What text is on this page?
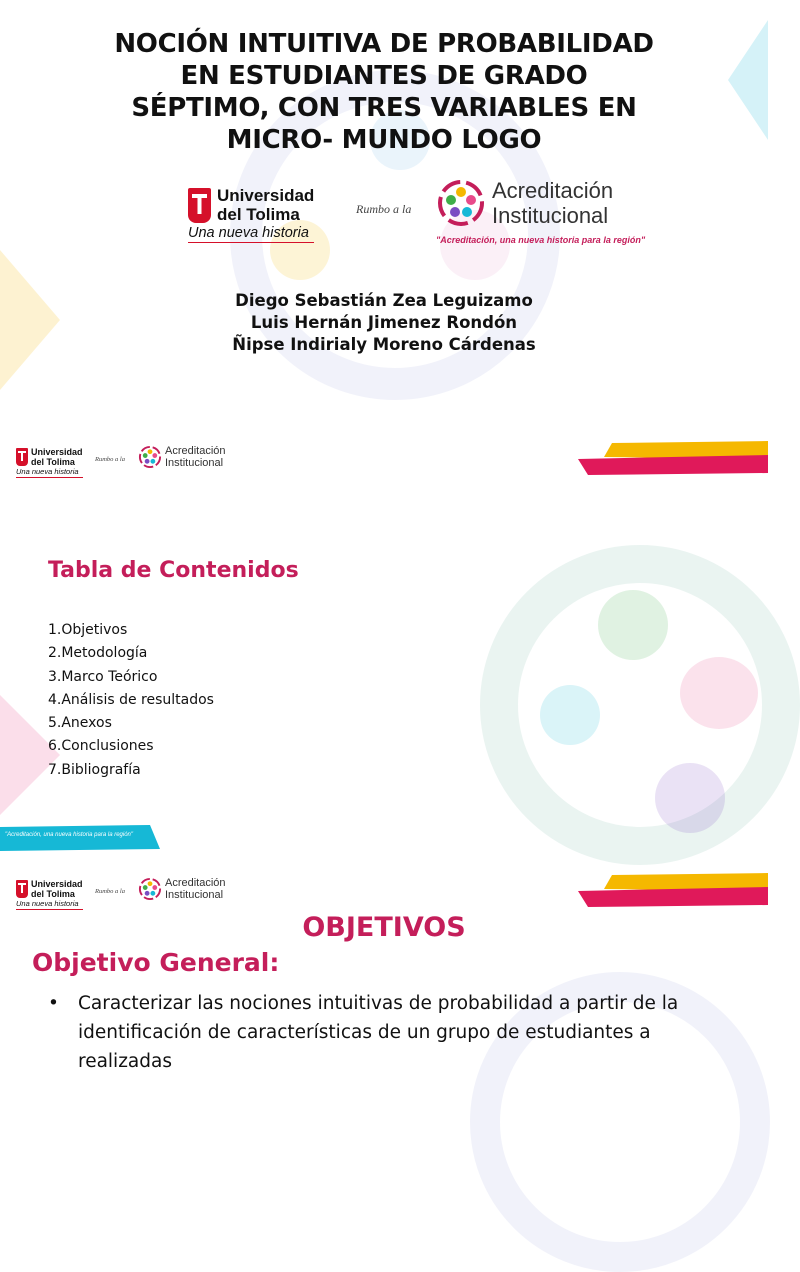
NOCIÓN INTUITIVA DE PROBABILIDAD
EN ESTUDIANTES DE GRADO
SÉPTIMO, CON TRES VARIABLES EN
MICRO- MUNDO LOGO
Universidad
del Tolima
Una nueva historia
Rumbo a la
Acreditación
Institucional
"Acreditación, una nueva historia para la región"
Diego Sebastián Zea Leguizamo
Luis Hernán Jimenez Rondón
Ñipse Indirialy Moreno Cárdenas
Universidad
del Tolima
Una nueva historia
Rumbo a la
Acreditación
Institucional
Tabla de Contenidos
1.Objetivos
2.Metodología
3.Marco Teórico
4.Análisis de resultados
5.Anexos
6.Conclusiones
7.Bibliografía
"Acreditación, una nueva historia para la región"
Universidad
del Tolima
Una nueva historia
Rumbo a la
Acreditación
Institucional
OBJETIVOS
Objetivo General:
•	Caracterizar las nociones intuitivas de probabilidad a partir de la identificación de características de un grupo de estudiantes a realizadas
